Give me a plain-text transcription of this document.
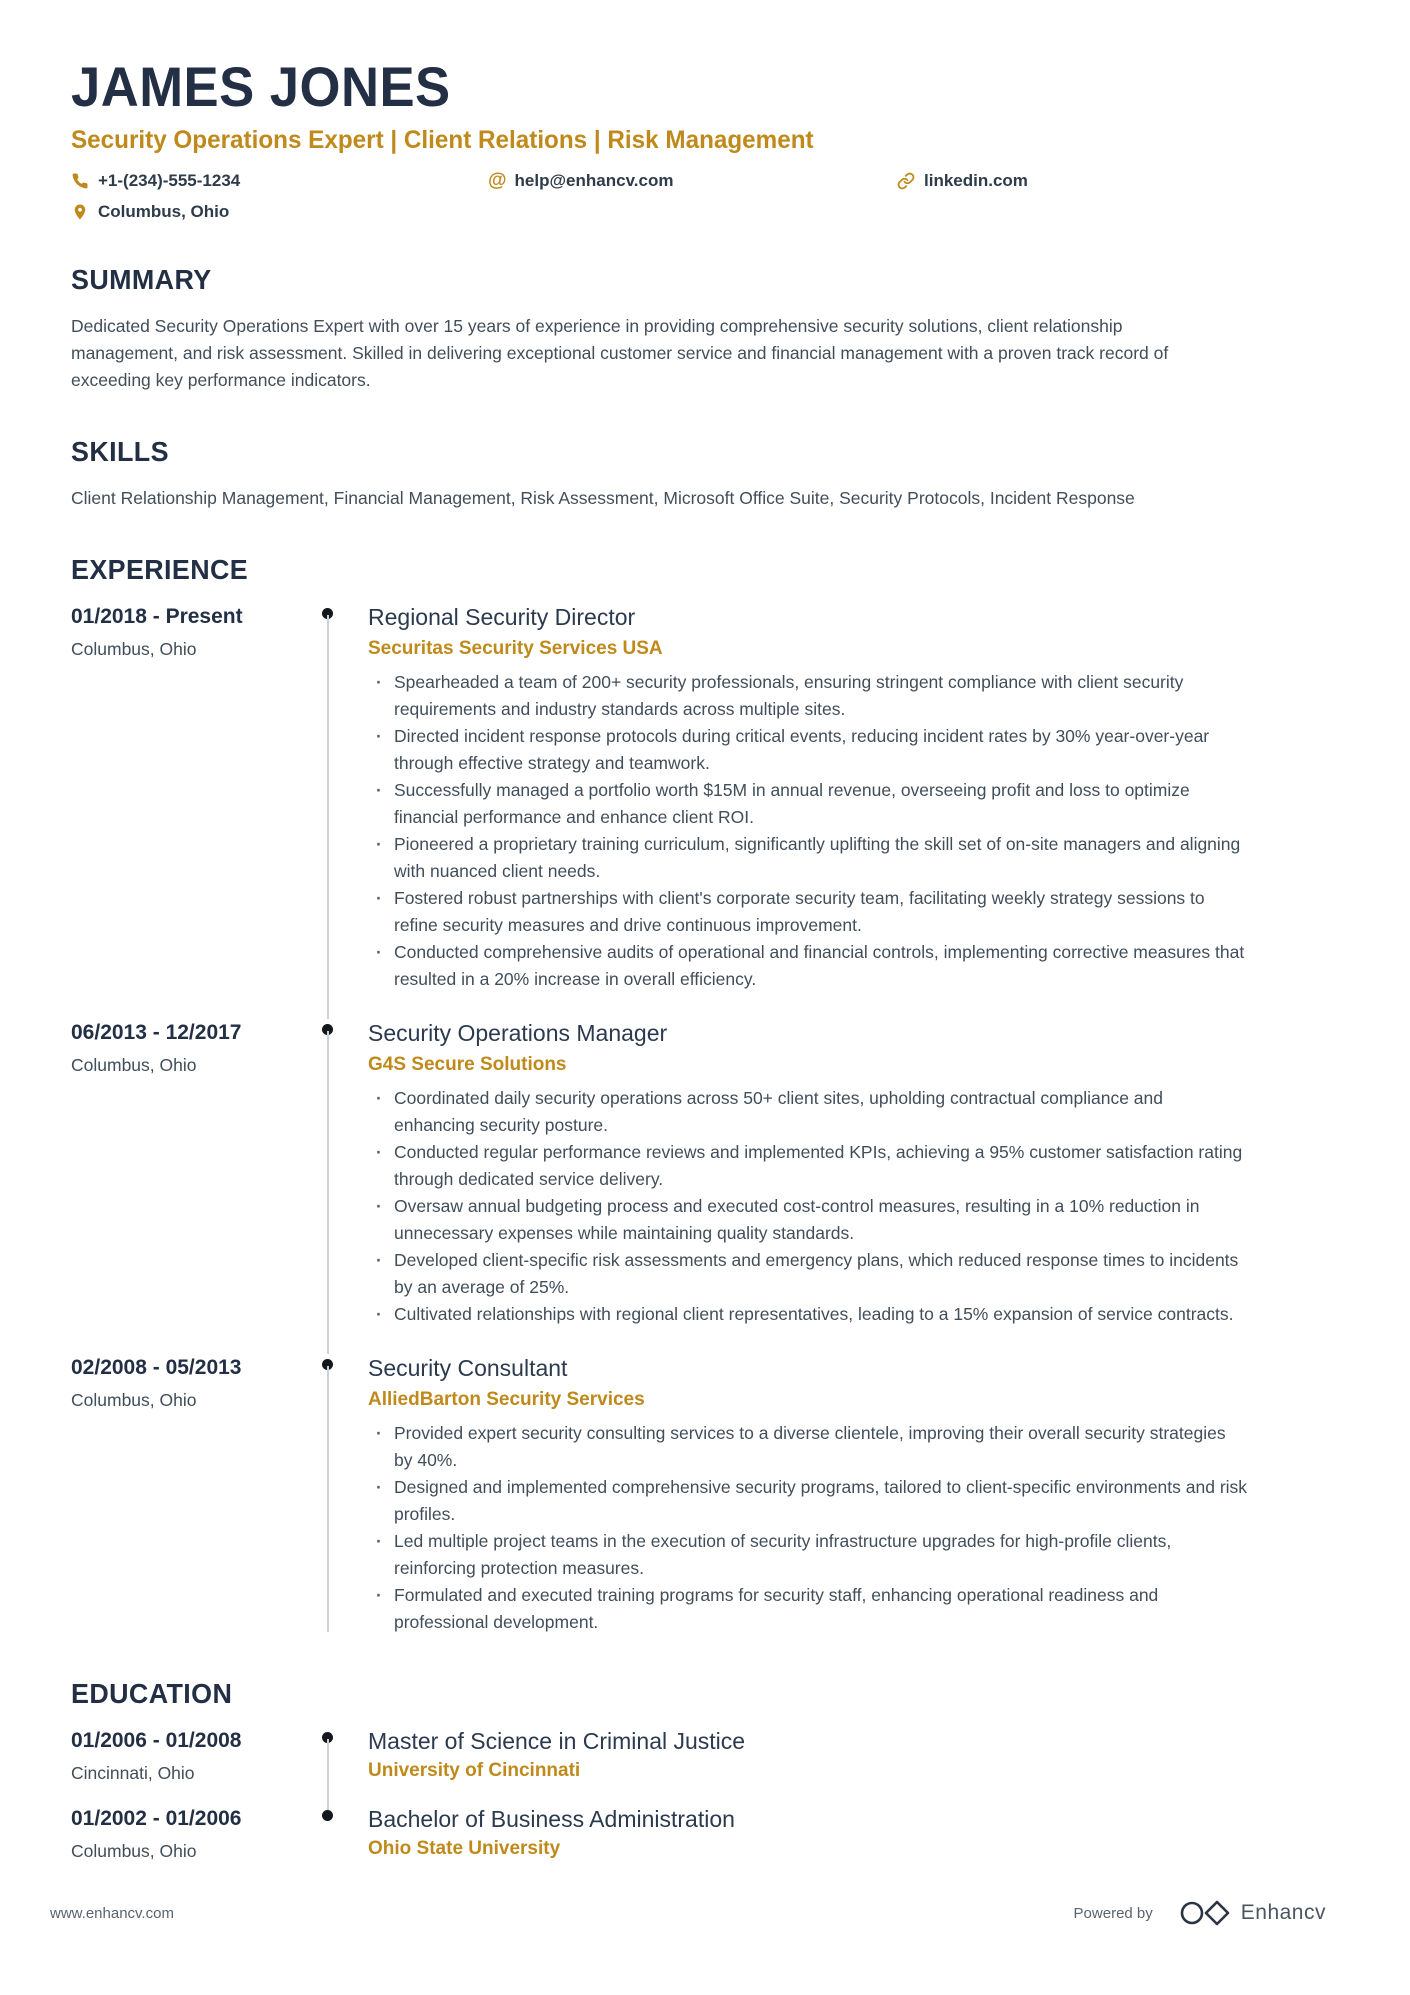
JAMES JONES
Security Operations Expert | Client Relations | Risk Management
+1-(234)-555-1234	@ help@enhancv.com	linkedin.com
Columbus, Ohio
SUMMARY

Dedicated Security Operations Expert with over 15 years of experience in providing comprehensive security solutions, client relationship management, and risk assessment. Skilled in delivering exceptional customer service and financial management with a proven track record of exceeding key performance indicators.

SKILLS

Client Relationship Management, Financial Management, Risk Assessment, Microsoft Office Suite, Security Protocols, Incident Response

EXPERIENCE
01/2018 - Present
Columbus, Ohio
Regional Security Director
Securitas Security Services USA
· Spearheaded a team of 200+ security professionals, ensuring stringent compliance with client security requirements and industry standards across multiple sites.
· Directed incident response protocols during critical events, reducing incident rates by 30% year-over-year through effective strategy and teamwork.
· Successfully managed a portfolio worth $15M in annual revenue, overseeing profit and loss to optimize financial performance and enhance client ROI.
· Pioneered a proprietary training curriculum, significantly uplifting the skill set of on-site managers and aligning with nuanced client needs.
· Fostered robust partnerships with client's corporate security team, facilitating weekly strategy sessions to refine security measures and drive continuous improvement.
· Conducted comprehensive audits of operational and financial controls, implementing corrective measures that resulted in a 20% increase in overall efficiency.
06/2013 - 12/2017
Columbus, Ohio
Security Operations Manager
G4S Secure Solutions
· Coordinated daily security operations across 50+ client sites, upholding contractual compliance and enhancing security posture.
· Conducted regular performance reviews and implemented KPIs, achieving a 95% customer satisfaction rating through dedicated service delivery.
· Oversaw annual budgeting process and executed cost-control measures, resulting in a 10% reduction in unnecessary expenses while maintaining quality standards.
· Developed client-specific risk assessments and emergency plans, which reduced response times to incidents by an average of 25%.
· Cultivated relationships with regional client representatives, leading to a 15% expansion of service contracts.
02/2008 - 05/2013
Columbus, Ohio
Security Consultant
AlliedBarton Security Services
· Provided expert security consulting services to a diverse clientele, improving their overall security strategies by 40%.
· Designed and implemented comprehensive security programs, tailored to client-specific environments and risk profiles.
· Led multiple project teams in the execution of security infrastructure upgrades for high-profile clients, reinforcing protection measures.
· Formulated and executed training programs for security staff, enhancing operational readiness and professional development.
EDUCATION
01/2006 - 01/2008
Cincinnati, Ohio
Master of Science in Criminal Justice
University of Cincinnati
01/2002 - 01/2006
Columbus, Ohio
Bachelor of Business Administration
Ohio State University
www.enhancv.com	Powered by	Enhancv
